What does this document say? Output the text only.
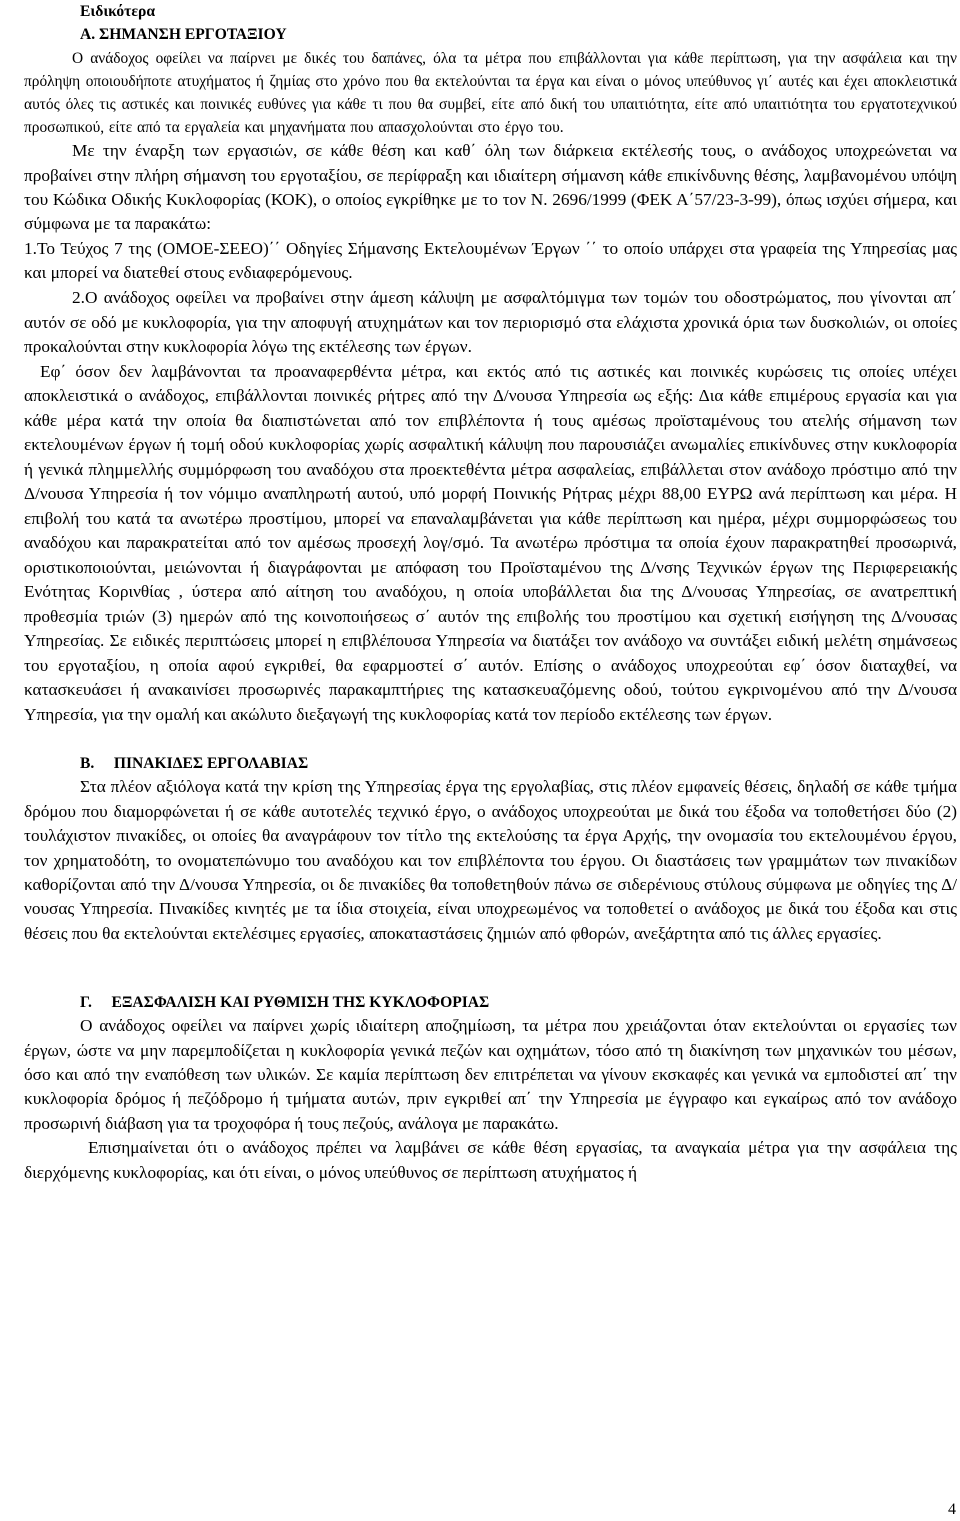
Ειδικότερα
Α. ΣΗΜΑΝΣΗ ΕΡΓΟΤΑΞΙΟΥ

Ο ανάδοχος οφείλει να παίρνει με δικές του δαπάνες, όλα τα μέτρα που επιβάλλονται για κάθε περίπτωση, για την ασφάλεια και την πρόληψη οποιουδήποτε ατυχήματος ή ζημίας στο χρόνο που θα εκτελούνται τα έργα και είναι ο μόνος υπεύθυνος γι΄ αυτές και έχει αποκλειστικά αυτός όλες τις αστικές και ποινικές ευθύνες για κάθε τι που θα συμβεί, είτε από δική του υπαιτιότητα, είτε από υπαιτιότητα του εργατοτεχνικού προσωπικού, είτε από τα εργαλεία και μηχανήματα που απασχολούνται στο έργο του.

Με την έναρξη των εργασιών, σε κάθε θέση και καθ΄ όλη των διάρκεια εκτέλεσής τους, ο ανάδοχος υποχρεώνεται να προβαίνει στην πλήρη σήμανση του εργοταξίου, σε περίφραξη και ιδιαίτερη σήμανση κάθε επικίνδυνης θέσης, λαμβανομένου υπόψη του Κώδικα Οδικής Κυκλοφορίας (ΚΟΚ), ο οποίος εγκρίθηκε με το τον Ν. 2696/1999 (ΦΕΚ Α΄57/23-3-99), όπως ισχύει σήμερα, και σύμφωνα με τα παρακάτω:

1.Το Τεύχος 7 της (ΟΜΟΕ-ΣΕΕΟ)΄΄ Οδηγίες Σήμανσης Εκτελουμένων Έργων ΄΄ το οποίο υπάρχει στα γραφεία της Υπηρεσίας μας και μπορεί να διατεθεί στους ενδιαφερόμενους.

2.Ο ανάδοχος οφείλει να προβαίνει στην άμεση κάλυψη με ασφαλτόμιγμα των τομών του οδοστρώματος, που γίνονται απ΄ αυτόν σε οδό με κυκλοφορία, για την αποφυγή ατυχημάτων και τον περιορισμό στα ελάχιστα χρονικά όρια των δυσκολιών, οι οποίες προκαλούνται στην κυκλοφορία λόγω της εκτέλεσης των έργων.

Εφ΄ όσον δεν λαμβάνονται τα προαναφερθέντα μέτρα, και εκτός από τις αστικές και ποινικές κυρώσεις τις οποίες υπέχει αποκλειστικά ο ανάδοχος, επιβάλλονται ποινικές ρήτρες από την Δ/νουσα Υπηρεσία ως εξής: Δια κάθε επιμέρους εργασία και για κάθε μέρα κατά την οποία θα διαπιστώνεται από τον επιβλέποντα ή τους αμέσως προϊσταμένους του ατελής σήμανση των εκτελουμένων έργων ή τομή οδού κυκλοφορίας χωρίς ασφαλτική κάλυψη που παρουσιάζει ανωμαλίες επικίνδυνες στην κυκλοφορία ή γενικά πλημμελλής συμμόρφωση του αναδόχου στα προεκτεθέντα μέτρα ασφαλείας, επιβάλλεται στον ανάδοχο πρόστιμο από την Δ/νουσα Υπηρεσία ή τον νόμιμο αναπληρωτή αυτού, υπό μορφή Ποινικής Ρήτρας μέχρι 88,00 ΕΥΡΩ ανά περίπτωση και μέρα. Η επιβολή του κατά τα ανωτέρω προστίμου, μπορεί να επαναλαμβάνεται για κάθε περίπτωση και ημέρα, μέχρι συμμορφώσεως του αναδόχου και παρακρατείται από τον αμέσως προσεχή λογ/σμό. Τα ανωτέρω πρόστιμα τα οποία έχουν παρακρατηθεί προσωρινά, οριστικοποιούνται, μειώνονται ή διαγράφονται με απόφαση του Προϊσταμένου της Δ/νσης Τεχνικών έργων της Περιφερειακής Ενότητας Κορινθίας , ύστερα από αίτηση του αναδόχου, η οποία υποβάλλεται δια της Δ/νουσας Υπηρεσίας, σε ανατρεπτική προθεσμία τριών (3) ημερών από της κοινοποιήσεως σ΄ αυτόν της επιβολής του προστίμου και σχετική εισήγηση της Δ/νουσας Υπηρεσίας. Σε ειδικές περιπτώσεις μπορεί η επιβλέπουσα Υπηρεσία να διατάξει τον ανάδοχο να συντάξει ειδική μελέτη σημάνσεως του εργοταξίου, η οποία αφού εγκριθεί, θα εφαρμοστεί σ΄ αυτόν. Επίσης ο ανάδοχος υποχρεούται εφ΄ όσον διαταχθεί, να κατασκευάσει ή ανακαινίσει προσωρινές παρακαμπτήριες της κατασκευαζόμενης οδού, τούτου εγκρινομένου από την Δ/νουσα Υπηρεσία, για την ομαλή και ακώλυτο διεξαγωγή της κυκλοφορίας κατά τον περίοδο εκτέλεσης των έργων.

Β. ΠΙΝΑΚΙΔΕΣ ΕΡΓΟΛΑΒΙΑΣ

Στα πλέον αξιόλογα κατά την κρίση της Υπηρεσίας έργα της εργολαβίας, στις πλέον εμφανείς θέσεις, δηλαδή σε κάθε τμήμα δρόμου που διαμορφώνεται ή σε κάθε αυτοτελές τεχνικό έργο, ο ανάδοχος υποχρεούται με δικά του έξοδα να τοποθετήσει δύο (2) τουλάχιστον πινακίδες, οι οποίες θα αναγράφουν τον τίτλο της εκτελούσης τα έργα Αρχής, την ονομασία του εκτελουμένου έργου, τον χρηματοδότη, το ονοματεπώνυμο του αναδόχου και τον επιβλέποντα του έργου. Οι διαστάσεις των γραμμάτων των πινακίδων καθορίζονται από την Δ/νουσα Υπηρεσία, οι δε πινακίδες θα τοποθετηθούν πάνω σε σιδερένιους στύλους σύμφωνα με οδηγίες της Δ/νουσας Υπηρεσία. Πινακίδες κινητές με τα ίδια στοιχεία, είναι υποχρεωμένος να τοποθετεί ο ανάδοχος με δικά του έξοδα και στις θέσεις που θα εκτελούνται εκτελέσιμες εργασίες, αποκαταστάσεις ζημιών από φθορών, ανεξάρτητα από τις άλλες εργασίες.

Γ. ΕΞΑΣΦΑΛΙΣΗ ΚΑΙ ΡΥΘΜΙΣΗ ΤΗΣ ΚΥΚΛΟΦΟΡΙΑΣ

Ο ανάδοχος οφείλει να παίρνει χωρίς ιδιαίτερη αποζημίωση, τα μέτρα που χρειάζονται όταν εκτελούνται οι εργασίες των έργων, ώστε να μην παρεμποδίζεται η κυκλοφορία γενικά πεζών και οχημάτων, τόσο από τη διακίνηση των μηχανικών του μέσων, όσο και από την εναπόθεση των υλικών. Σε καμία περίπτωση δεν επιτρέπεται να γίνουν εκσκαφές και γενικά να εμποδιστεί απ΄ την κυκλοφορία δρόμος ή πεζόδρομο ή τμήματα αυτών, πριν εγκριθεί απ΄ την Υπηρεσία με έγγραφο και εγκαίρως από τον ανάδοχο προσωρινή διάβαση για τα τροχοφόρα ή τους πεζούς, ανάλογα με παρακάτω.

Επισημαίνεται ότι ο ανάδοχος πρέπει να λαμβάνει σε κάθε θέση εργασίας, τα αναγκαία μέτρα για την ασφάλεια της διερχόμενης κυκλοφορίας, και ότι είναι, ο μόνος υπεύθυνος σε περίπτωση ατυχήματος ή

4
